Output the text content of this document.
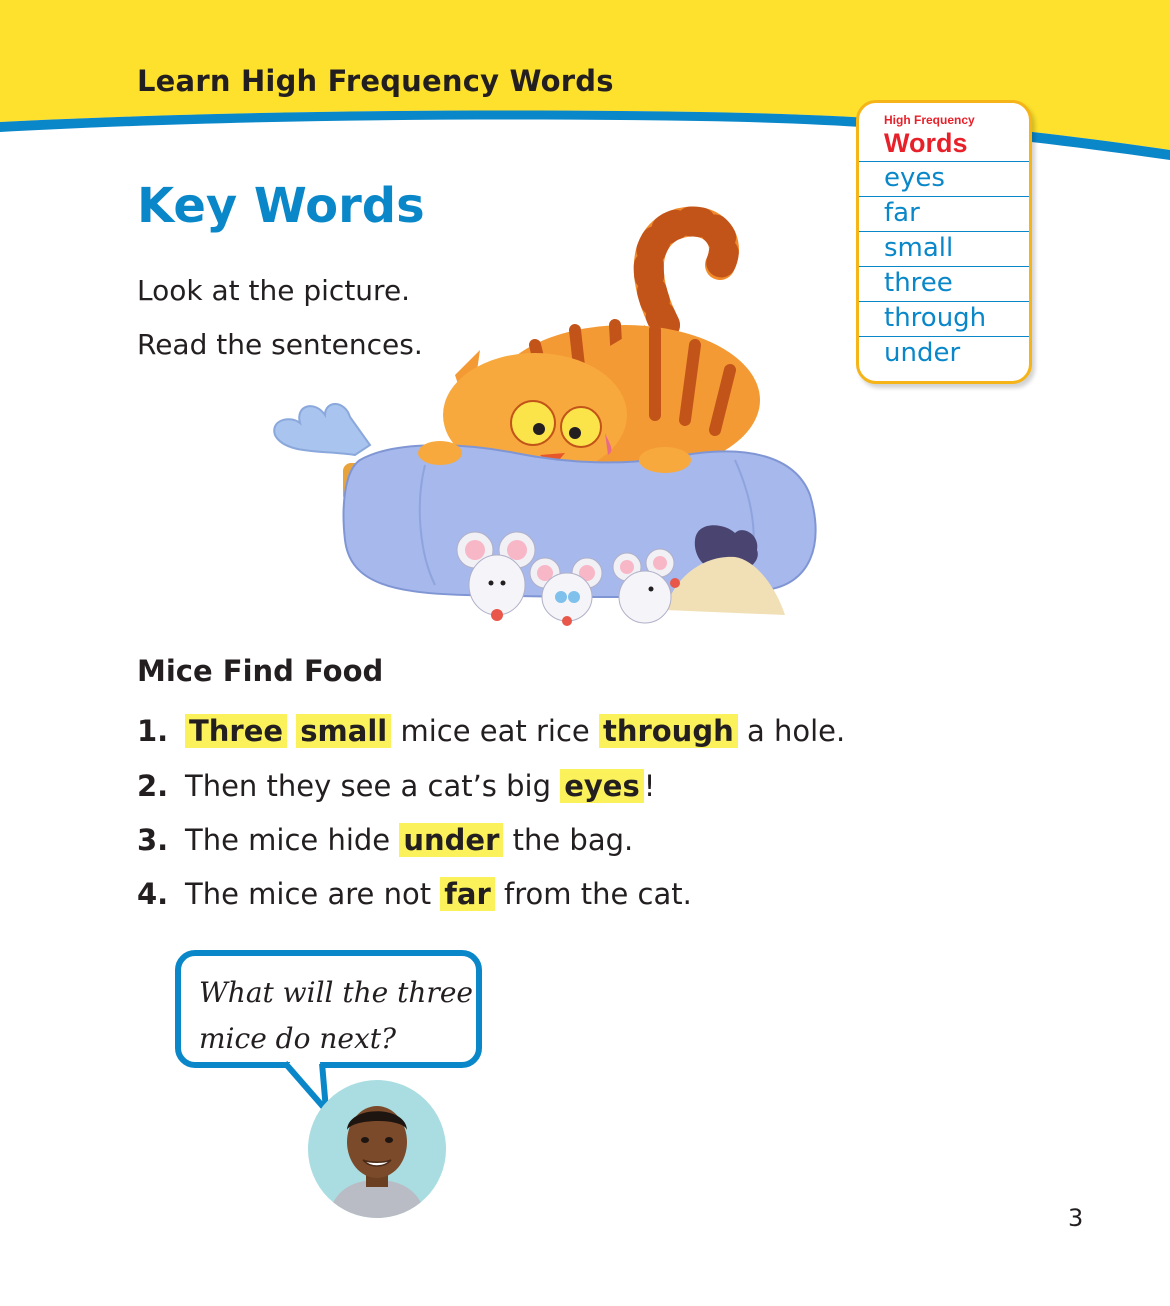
Learn High Frequency Words
Key Words
Look at the picture.
Read the sentences.
High Frequency
Words
eyes
far
small
three
through
under
Mice Find Food
1. Three small mice eat rice through a hole.
2. Then they see a cat’s big eyes !
3. The mice hide under the bag.
4. The mice are not far from the cat.
What will the three mice do next?
3
